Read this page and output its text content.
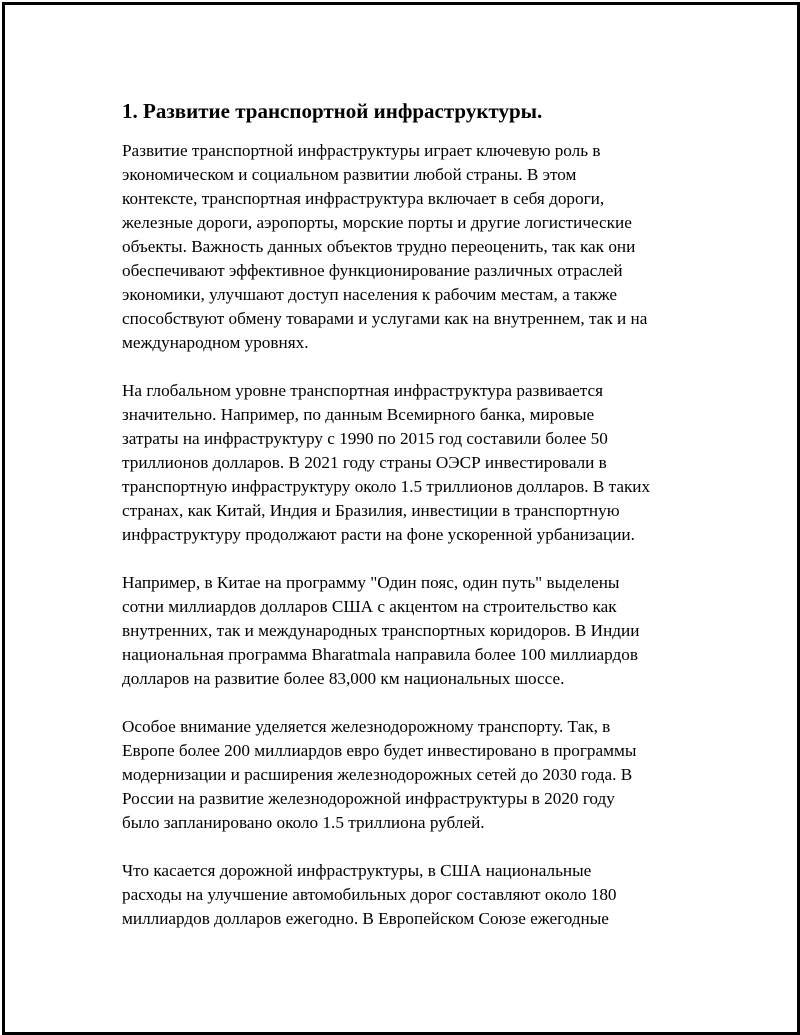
1. Развитие транспортной инфраструктуры.
Развитие транспортной инфраструктуры играет ключевую роль в
экономическом и социальном развитии любой страны. В этом
контексте, транспортная инфраструктура включает в себя дороги,
железные дороги, аэропорты, морские порты и другие логистические
объекты. Важность данных объектов трудно переоценить, так как они
обеспечивают эффективное функционирование различных отраслей
экономики, улучшают доступ населения к рабочим местам, а также
способствуют обмену товарами и услугами как на внутреннем, так и на
международном уровнях.
На глобальном уровне транспортная инфраструктура развивается
значительно. Например, по данным Всемирного банка, мировые
затраты на инфраструктуру с 1990 по 2015 год составили более 50
триллионов долларов. В 2021 году страны ОЭСР инвестировали в
транспортную инфраструктуру около 1.5 триллионов долларов. В таких
странах, как Китай, Индия и Бразилия, инвестиции в транспортную
инфраструктуру продолжают расти на фоне ускоренной урбанизации.
Например, в Китае на программу "Один пояс, один путь" выделены
сотни миллиардов долларов США с акцентом на строительство как
внутренних, так и международных транспортных коридоров. В Индии
национальная программа Bharatmala направила более 100 миллиардов
долларов на развитие более 83,000 км национальных шоссе.
Особое внимание уделяется железнодорожному транспорту. Так, в
Европе более 200 миллиардов евро будет инвестировано в программы
модернизации и расширения железнодорожных сетей до 2030 года. В
России на развитие железнодорожной инфраструктуры в 2020 году
было запланировано около 1.5 триллиона рублей.
Что касается дорожной инфраструктуры, в США национальные
расходы на улучшение автомобильных дорог составляют около 180
миллиардов долларов ежегодно. В Европейском Союзе ежегодные
